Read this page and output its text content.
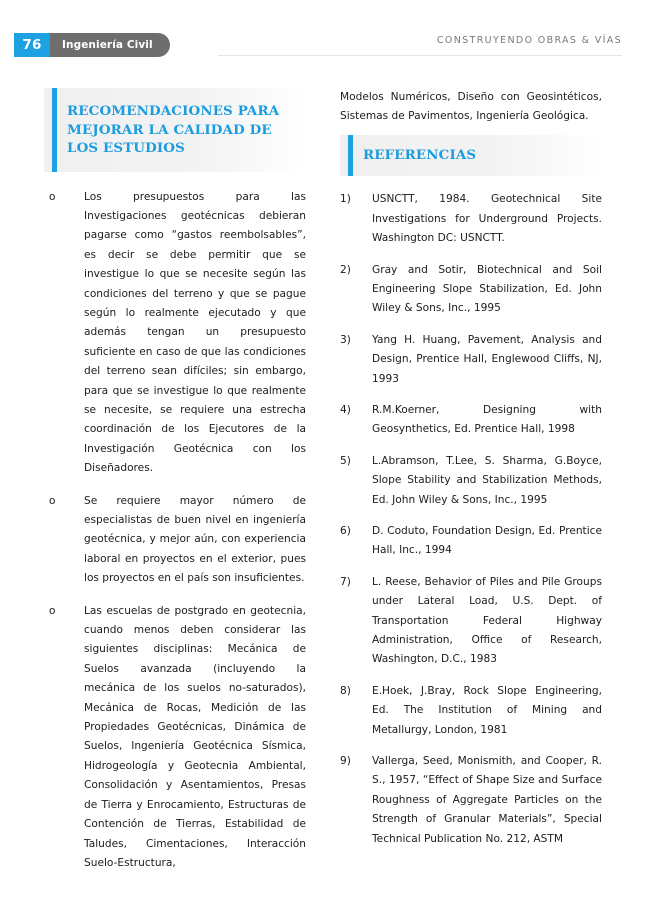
76	Ingeniería Civil	CONSTRUYENDO OBRAS & VÍAS
RECOMENDACIONES PARA MEJORAR LA CALIDAD DE LOS ESTUDIOS
o	Los presupuestos para las Investigaciones geotécnicas debieran pagarse como “gastos reembolsables”, es decir se debe permitir que se investigue lo que se necesite según las condiciones del terreno y que se pague según lo realmente ejecutado y que además tengan un presupuesto suficiente en caso de que las condiciones del terreno sean difíciles; sin embargo, para que se investigue lo que realmente se necesite, se requiere una estrecha coordinación de los Ejecutores de la Investigación Geotécnica con los Diseñadores.
o	Se requiere mayor número de especialistas de buen nivel en ingeniería geotécnica, y mejor aún, con experiencia laboral en proyectos en el exterior, pues los proyectos en el país son insuficientes.
o	Las escuelas de postgrado en geotecnia, cuando menos deben considerar las siguientes disciplinas: Mecánica de Suelos avanzada (incluyendo la mecánica de los suelos no-saturados), Mecánica de Rocas, Medición de las Propiedades Geotécnicas, Dinámica de Suelos, Ingeniería Geotécnica Sísmica, Hidrogeología y Geotecnia Ambiental, Consolidación y Asentamientos, Presas de Tierra y Enrocamiento, Estructuras de Contención de Tierras, Estabilidad de Taludes, Cimentaciones, Interacción Suelo-Estructura,
Modelos Numéricos, Diseño con Geosintéticos, Sistemas de Pavimentos, Ingeniería Geológica.
REFERENCIAS
1)	USNCTT, 1984. Geotechnical Site Investigations for Underground Projects. Washington DC: USNCTT.
2)	Gray and Sotir, Biotechnical and Soil Engineering Slope Stabilization, Ed. John Wiley & Sons, Inc., 1995
3)	Yang H. Huang, Pavement, Analysis and Design, Prentice Hall, Englewood Cliffs, NJ, 1993
4)	R.M.Koerner, Designing with Geosynthetics, Ed. Prentice Hall, 1998
5)	L.Abramson, T.Lee, S. Sharma, G.Boyce, Slope Stability and Stabilization Methods, Ed. John Wiley & Sons, Inc., 1995
6)	D. Coduto, Foundation Design, Ed. Prentice Hall, Inc., 1994
7)	L. Reese, Behavior of Piles and Pile Groups under Lateral Load, U.S. Dept. of Transportation Federal Highway Administration, Office of Research, Washington, D.C., 1983
8)	E.Hoek, J.Bray, Rock Slope Engineering, Ed. The Institution of Mining and Metallurgy, London, 1981
9)	Vallerga, Seed, Monismith, and Cooper, R. S., 1957, “Effect of Shape Size and Surface Roughness of Aggregate Particles on the Strength of Granular Materials”, Special Technical Publication No. 212, ASTM
